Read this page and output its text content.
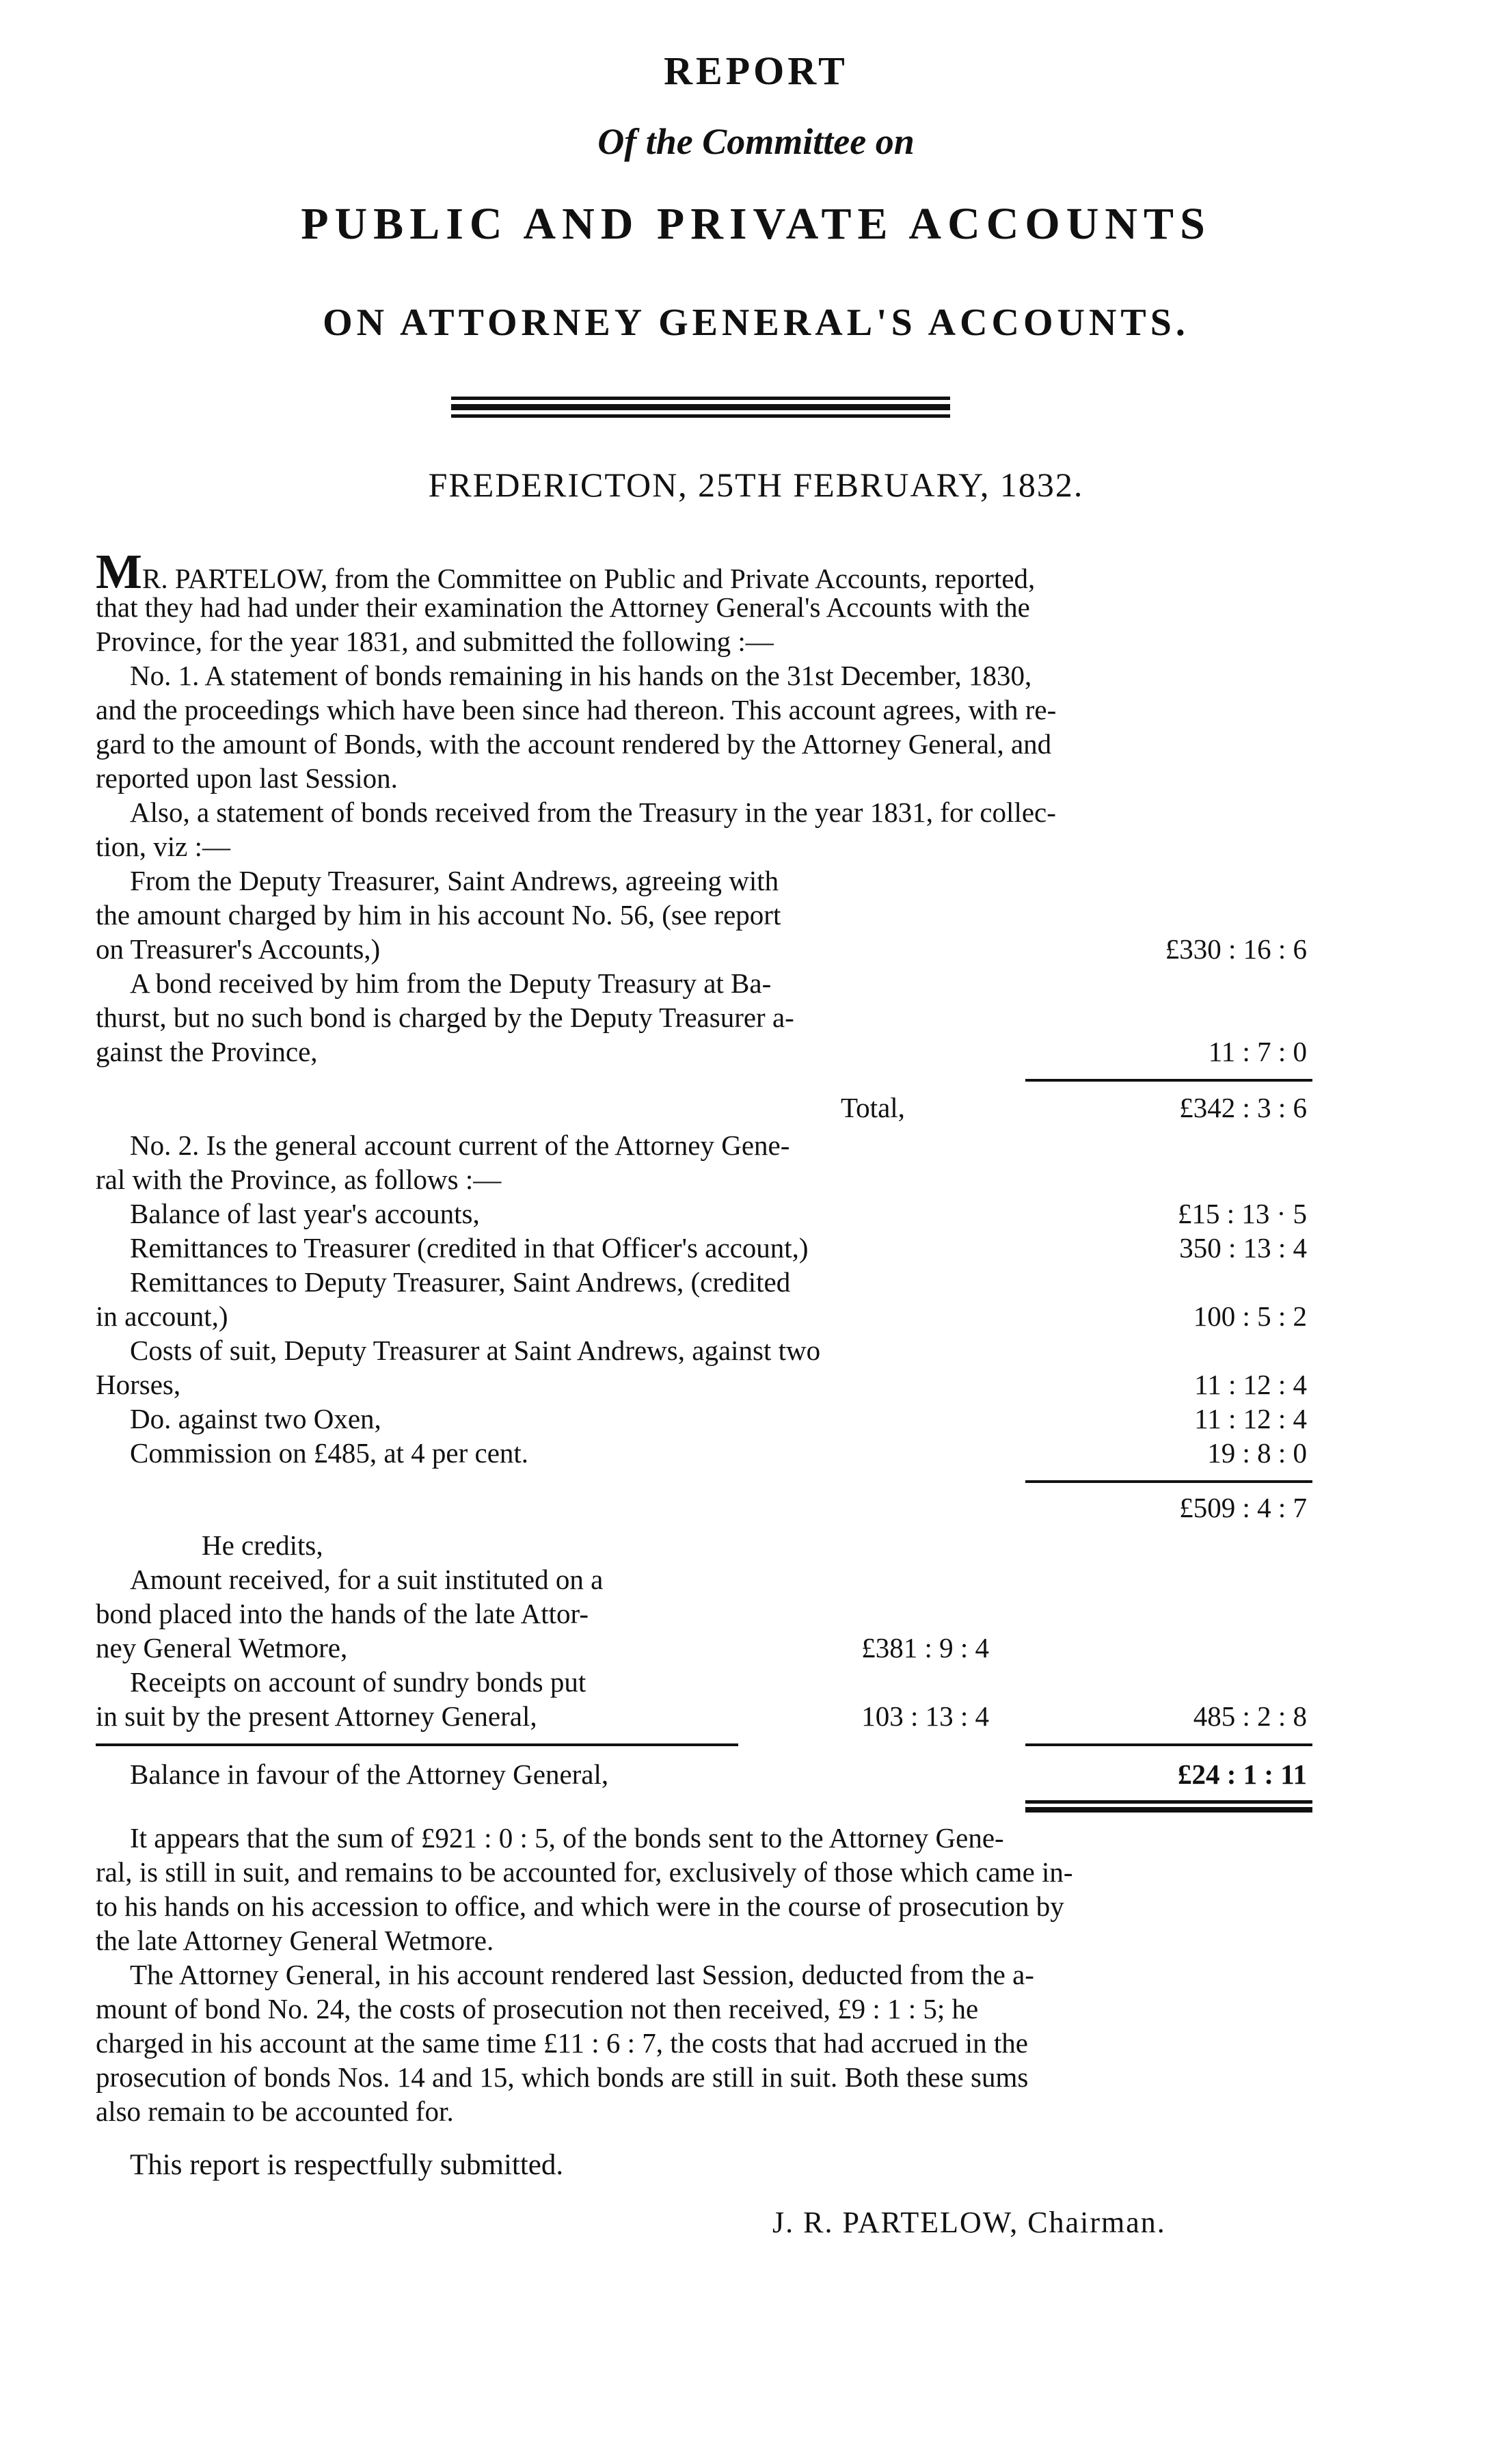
REPORT
Of the Committee on
PUBLIC AND PRIVATE ACCOUNTS
ON ATTORNEY GENERAL'S ACCOUNTS.
FREDERICTON, 25TH FEBRUARY, 1832.
MR. PARTELOW, from the Committee on Public and Private Accounts, reported,
that they had had under their examination the Attorney General's Accounts with the
Province, for the year 1831, and submitted the following :—
No. 1. A statement of bonds remaining in his hands on the 31st December, 1830,
and the proceedings which have been since had thereon. This account agrees, with re-
gard to the amount of Bonds, with the account rendered by the Attorney General, and
reported upon last Session.
Also, a statement of bonds received from the Treasury in the year 1831, for collec-
tion, viz :—
From the Deputy Treasurer, Saint Andrews, agreeing with
the amount charged by him in his account No. 56, (see report
on Treasurer's Accounts,)	£330 : 16 : 6
A bond received by him from the Deputy Treasury at Ba-
thurst, but no such bond is charged by the Deputy Treasurer a-
gainst the Province,	11 : 7 : 0
Total,	£342 : 3 : 6
No. 2. Is the general account current of the Attorney Gene-
ral with the Province, as follows :—
Balance of last year's accounts,	£15 : 13 · 5
Remittances to Treasurer (credited in that Officer's account,)	350 : 13 : 4
Remittances to Deputy Treasurer, Saint Andrews, (credited
in account,)	100 : 5 : 2
Costs of suit, Deputy Treasurer at Saint Andrews, against two
Horses,	11 : 12 : 4
Do. against two Oxen,	11 : 12 : 4
Commission on £485, at 4 per cent.	19 : 8 : 0
£509 : 4 : 7
He credits,
Amount received, for a suit instituted on a
bond placed into the hands of the late Attor-
ney General Wetmore,	£381 : 9 : 4
Receipts on account of sundry bonds put
in suit by the present Attorney General,	103 : 13 : 4	485 : 2 : 8
Balance in favour of the Attorney General,	£24 : 1 : 11
It appears that the sum of £921 : 0 : 5, of the bonds sent to the Attorney Gene-
ral, is still in suit, and remains to be accounted for, exclusively of those which came in-
to his hands on his accession to office, and which were in the course of prosecution by
the late Attorney General Wetmore.
The Attorney General, in his account rendered last Session, deducted from the a-
mount of bond No. 24, the costs of prosecution not then received, £9 : 1 : 5; he
charged in his account at the same time £11 : 6 : 7, the costs that had accrued in the
prosecution of bonds Nos. 14 and 15, which bonds are still in suit. Both these sums
also remain to be accounted for.
This report is respectfully submitted.
J. R. PARTELOW, Chairman.
